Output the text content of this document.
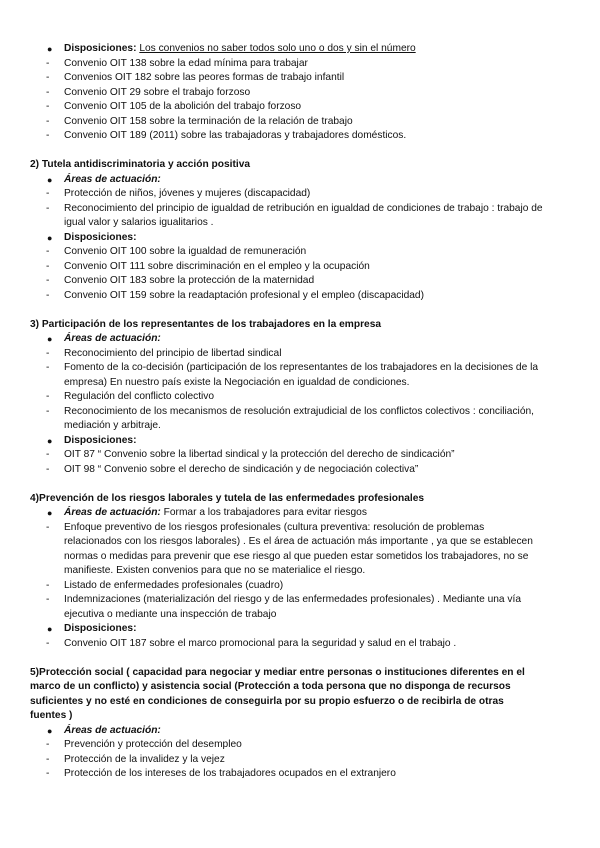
●	Disposiciones: Los convenios no saber todos solo uno o dos y sin el número
-	Convenio OIT 138 sobre la edad mínima para trabajar
-	Convenios OIT 182 sobre las peores formas de trabajo infantil
-	Convenio OIT 29 sobre el trabajo forzoso
-	Convenio OIT 105 de la abolición del trabajo forzoso
-	Convenio OIT 158 sobre la terminación de la relación de trabajo
-	Convenio OIT 189 (2011) sobre las trabajadoras y trabajadores domésticos.
2) Tutela antidiscriminatoria y acción positiva
●	Áreas de actuación:
-	Protección de niños, jóvenes y mujeres (discapacidad)
-	Reconocimiento del principio de igualdad de retribución en igualdad de condiciones de trabajo : trabajo de
igual valor y salarios igualitarios .
●	Disposiciones:
-	Convenio OIT 100 sobre la igualdad de remuneración
-	Convenio OIT 111 sobre discriminación en el empleo y la ocupación
-	Convenio OIT 183 sobre la protección de la maternidad
-	Convenio OIT 159 sobre la readaptación profesional y el empleo (discapacidad)
3) Participación de los representantes de los trabajadores en la empresa
●	Áreas de actuación:
-	Reconocimiento del principio de libertad sindical
-	Fomento de la co-decisión (participación de los representantes de los trabajadores en la decisiones de la
empresa) En nuestro país existe la Negociación en igualdad de condiciones.
-	Regulación del conflicto colectivo
-	Reconocimiento de los mecanismos de resolución extrajudicial de los conflictos colectivos : conciliación,
mediación y arbitraje.
●	Disposiciones:
-	OIT 87 “ Convenio sobre la libertad sindical y la protección del derecho de sindicación”
-	OIT 98 “ Convenio sobre el derecho de sindicación y de negociación colectiva”
4)Prevención de los riesgos laborales y tutela de las enfermedades profesionales
●	Áreas de actuación: Formar a los trabajadores para evitar riesgos
-	Enfoque preventivo de los riesgos profesionales (cultura preventiva: resolución de problemas
relacionados con los riesgos laborales) . Es el área de actuación más importante , ya que se establecen
normas o medidas para prevenir que ese riesgo al que pueden estar sometidos los trabajadores, no se
manifieste. Existen convenios para que no se materialice el riesgo.
-	Listado de enfermedades profesionales (cuadro)
-	Indemnizaciones (materialización del riesgo y de las enfermedades profesionales) . Mediante una vía
ejecutiva o mediante una inspección de trabajo
●	Disposiciones:
-	Convenio OIT 187 sobre el marco promocional para la seguridad y salud en el trabajo .
5)Protección social ( capacidad para negociar y mediar entre personas o instituciones diferentes en el
marco de un conflicto) y asistencia social (Protección a toda persona que no disponga de recursos
suficientes y no esté en condiciones de conseguirla por su propio esfuerzo o de recibirla de otras
fuentes )
●	Áreas de actuación:
-	Prevención y protección del desempleo
-	Protección de la invalidez y la vejez
-	Protección de los intereses de los trabajadores ocupados en el extranjero
